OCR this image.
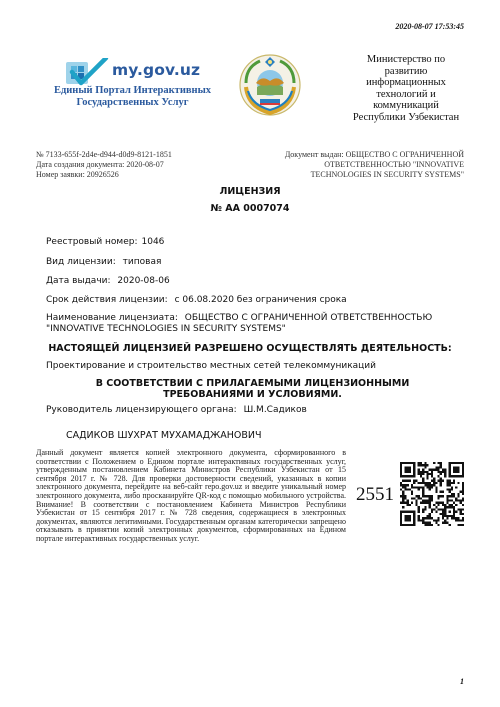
2020-08-07 17:53:45
my.gov.uz
Единый Портал Интерактивных
Государственных Услуг
Министерство по
развитию
информационных
технологий и
коммуникаций
Республики Узбекистан
№ 7133-655f-2d4e-d944-d0d9-8121-1851
Дата создания документа: 2020-08-07
Номер заявки: 20926526
Документ выдан: ОБЩЕСТВО С ОГРАНИЧЕННОЙ ОТВЕТСТВЕННОСТЬЮ "INNOVATIVE TECHNOLOGIES IN SECURITY SYSTEMS"
ЛИЦЕНЗИЯ
№ AA 0007074
Реестровый номер: 1046
Вид лицензии: типовая
Дата выдачи: 2020-08-06
Срок действия лицензии: с 06.08.2020 без ограничения срока
Наименование лицензиата: ОБЩЕСТВО С ОГРАНИЧЕННОЙ ОТВЕТСТВЕННОСТЬЮ "INNOVATIVE TECHNOLOGIES IN SECURITY SYSTEMS"
НАСТОЯЩЕЙ ЛИЦЕНЗИЕЙ РАЗРЕШЕНО ОСУЩЕСТВЛЯТЬ ДЕЯТЕЛЬНОСТЬ:
Проектирование и строительство местных сетей телекоммуникаций
В СООТВЕТСТВИИ С ПРИЛАГАЕМЫМИ ЛИЦЕНЗИОННЫМИ ТРЕБОВАНИЯМИ И УСЛОВИЯМИ.
Руководитель лицензирующего органа: Ш.М.Садиков
САДИКОВ ШУХРАТ МУХАМАДЖАНОВИЧ
Данный документ является копией электронного документа, сформированного в соответствии с Положением о Едином портале интерактивных государственных услуг, утвержденным постановлением Кабинета Министров Республики Узбекистан от 15 сентября 2017 г. № 728. Для проверки достоверности сведений, указанных в копии электронного документа, перейдите на веб-сайт repo.gov.uz и введите уникальный номер электронного документа, либо просканируйте QR-код с помощью мобильного устройства. Внимание! В соответствии с постановлением Кабинета Министров Республики Узбекистан от 15 сентября 2017 г. № 728 сведения, содержащиеся в электронных документах, являются легитимными. Государственным органам категорически запрещено отказывать в принятии копий электронных документов, сформированных на Едином портале интерактивных государственных услуг.
2551
1
